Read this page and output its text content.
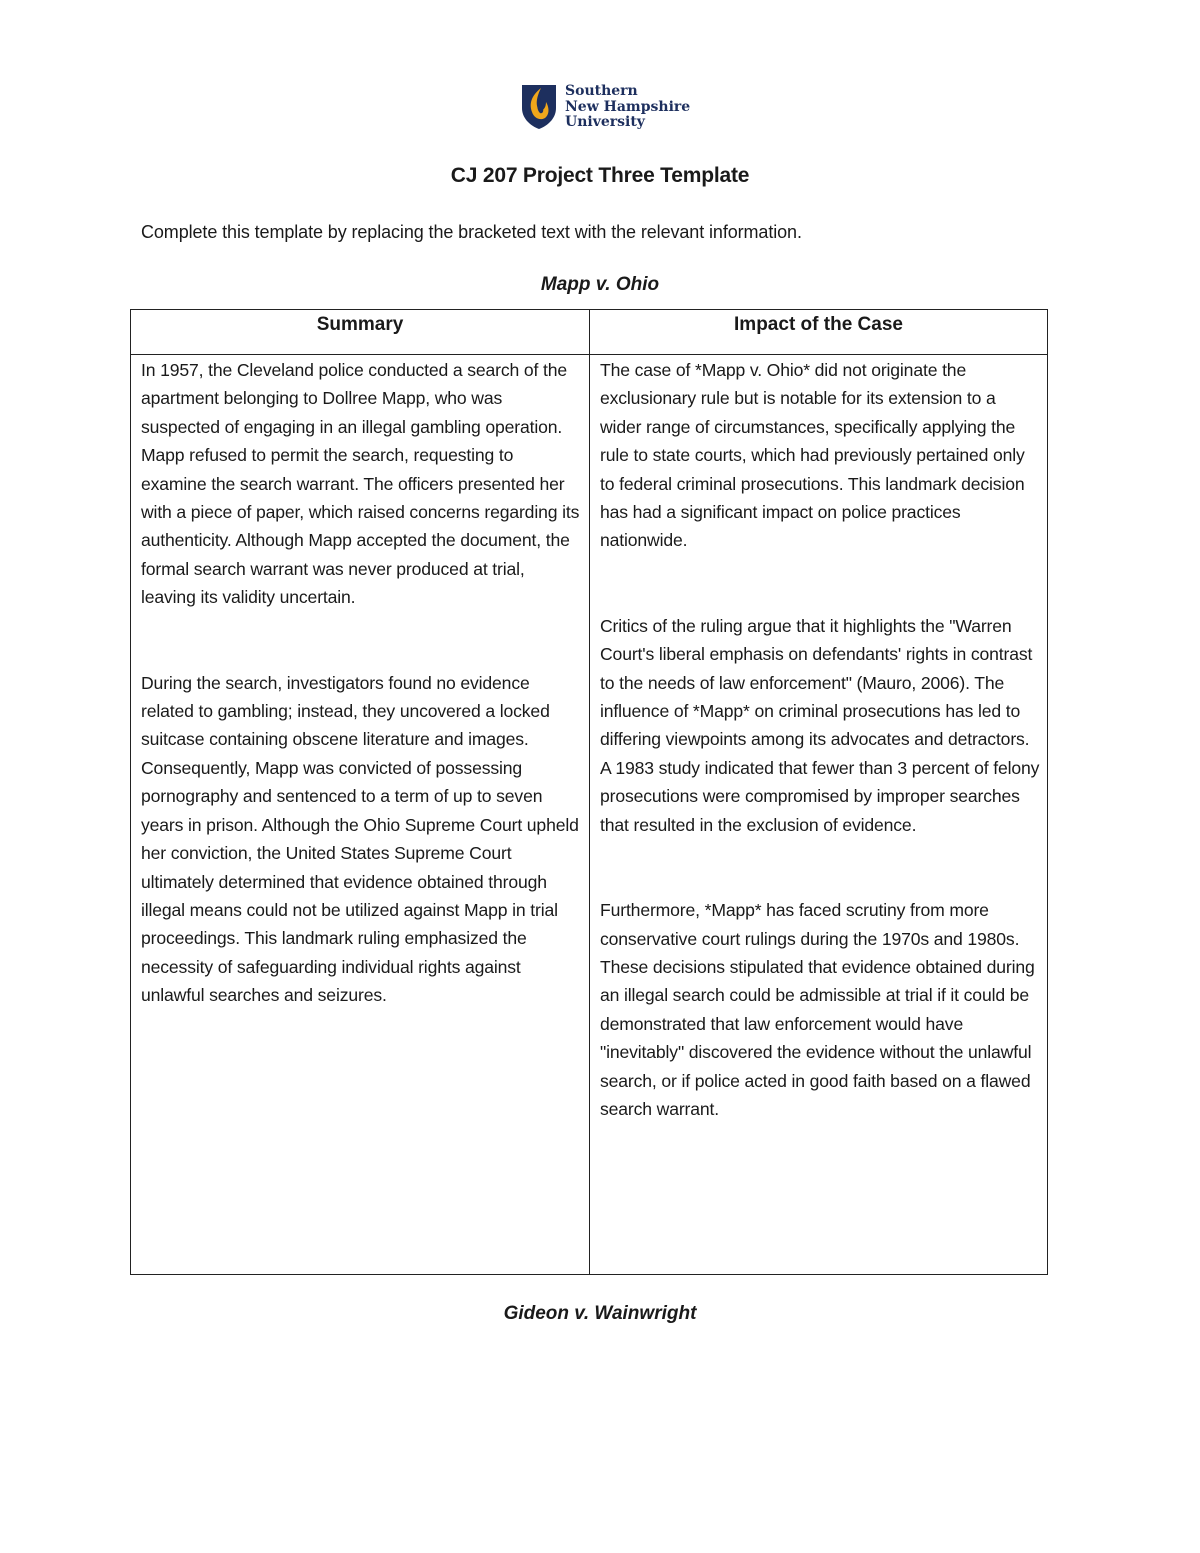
Southern
New Hampshire
University
CJ 207 Project Three Template
Complete this template by replacing the bracketed text with the relevant information.
Mapp v. Ohio
Summary	Impact of the Case

In 1957, the Cleveland police conducted a search of the apartment belonging to Dollree Mapp, who was suspected of engaging in an illegal gambling operation. Mapp refused to permit the search, requesting to examine the search warrant. The officers presented her with a piece of paper, which raised concerns regarding its authenticity. Although Mapp accepted the document, the formal search warrant was never produced at trial, leaving its validity uncertain.

During the search, investigators found no evidence related to gambling; instead, they uncovered a locked suitcase containing obscene literature and images. Consequently, Mapp was convicted of possessing pornography and sentenced to a term of up to seven years in prison. Although the Ohio Supreme Court upheld her conviction, the United States Supreme Court ultimately determined that evidence obtained through illegal means could not be utilized against Mapp in trial proceedings. This landmark ruling emphasized the necessity of safeguarding individual rights against unlawful searches and seizures.

The case of *Mapp v. Ohio* did not originate the exclusionary rule but is notable for its extension to a wider range of circumstances, specifically applying the rule to state courts, which had previously pertained only to federal criminal prosecutions. This landmark decision has had a significant impact on police practices nationwide.

Critics of the ruling argue that it highlights the "Warren Court's liberal emphasis on defendants' rights in contrast to the needs of law enforcement" (Mauro, 2006). The influence of *Mapp* on criminal prosecutions has led to differing viewpoints among its advocates and detractors. A 1983 study indicated that fewer than 3 percent of felony prosecutions were compromised by improper searches that resulted in the exclusion of evidence.

Furthermore, *Mapp* has faced scrutiny from more conservative court rulings during the 1970s and 1980s. These decisions stipulated that evidence obtained during an illegal search could be admissible at trial if it could be demonstrated that law enforcement would have "inevitably" discovered the evidence without the unlawful search, or if police acted in good faith based on a flawed search warrant.

Gideon v. Wainwright
